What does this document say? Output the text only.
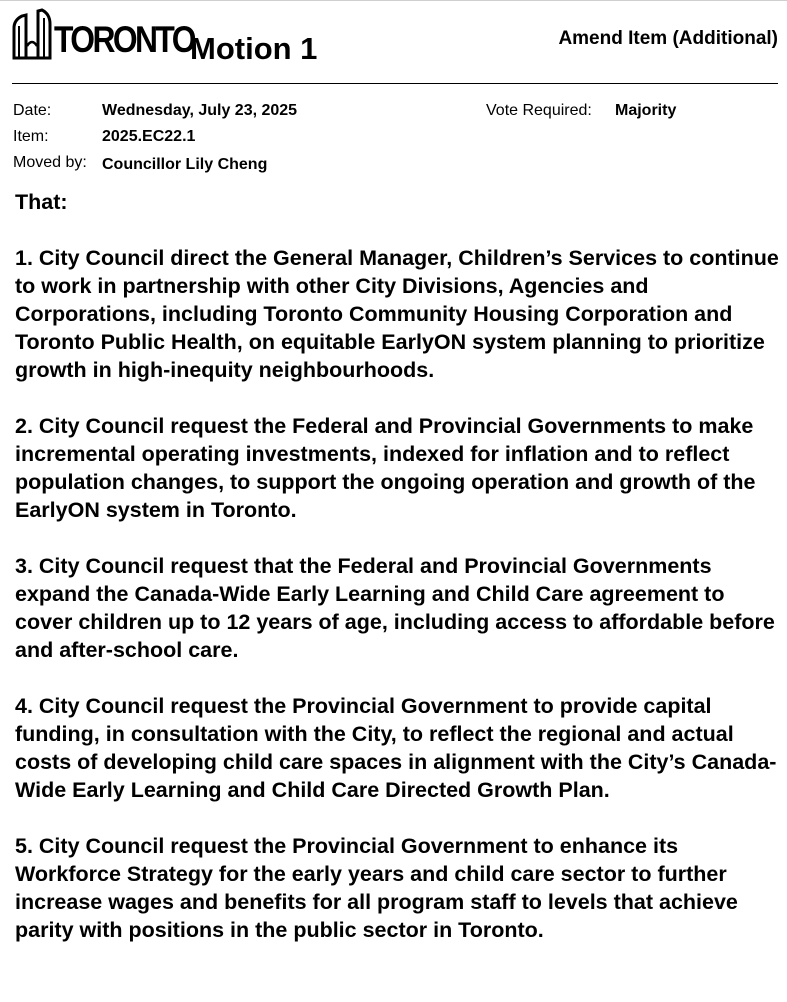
TORONTO
Motion 1	Amend Item (Additional)
Date:	Wednesday, July 23, 2025	Vote Required: Majority
Item:	2025.EC22.1
Moved by: Councillor Lily Cheng

That:

1. City Council direct the General Manager, Children’s Services to continue to work in partnership with other City Divisions, Agencies and Corporations, including Toronto Community Housing Corporation and Toronto Public Health, on equitable EarlyON system planning to prioritize growth in high-inequity neighbourhoods.

2. City Council request the Federal and Provincial Governments to make incremental operating investments, indexed for inflation and to reflect population changes, to support the ongoing operation and growth of the EarlyON system in Toronto.

3. City Council request that the Federal and Provincial Governments expand the Canada-Wide Early Learning and Child Care agreement to cover children up to 12 years of age, including access to affordable before and after-school care.

4. City Council request the Provincial Government to provide capital funding, in consultation with the City, to reflect the regional and actual costs of developing child care spaces in alignment with the City’s Canada-Wide Early Learning and Child Care Directed Growth Plan.

5. City Council request the Provincial Government to enhance its Workforce Strategy for the early years and child care sector to further increase wages and benefits for all program staff to levels that achieve parity with positions in the public sector in Toronto.
